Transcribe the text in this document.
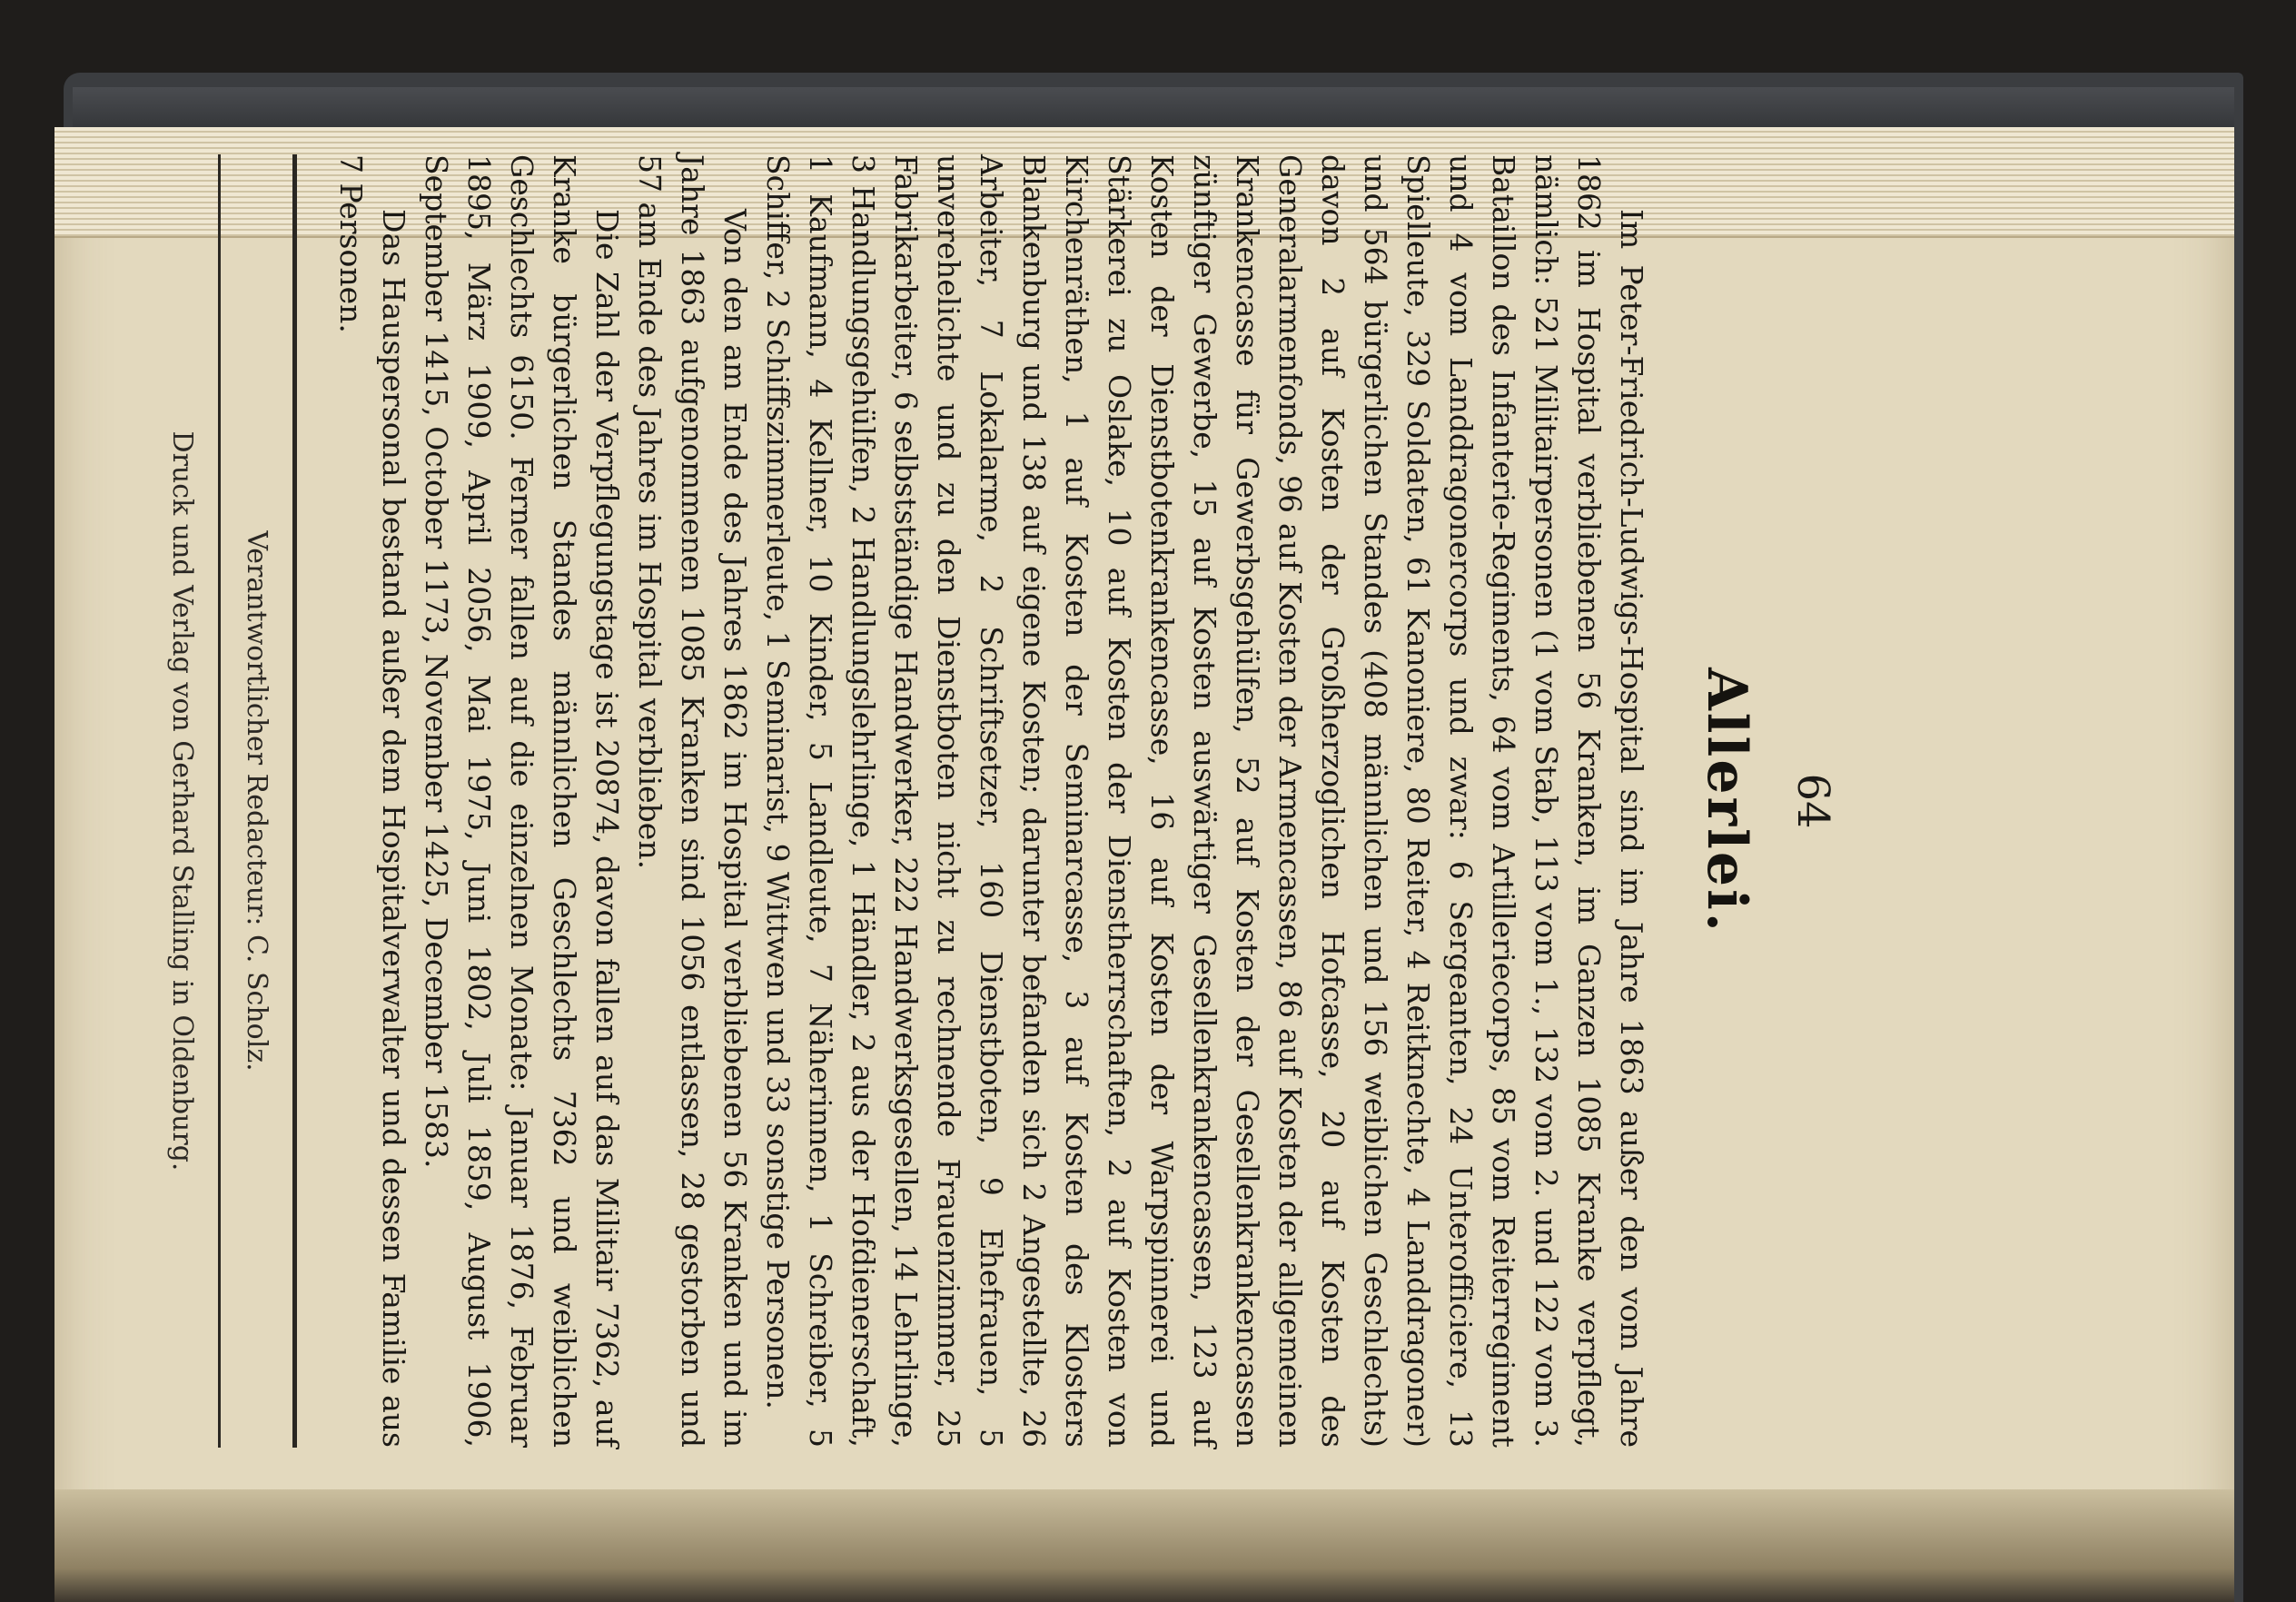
64
Allerlei.

Im Peter-Friedrich-Ludwigs-Hospital sind im Jahre 1863 außer den vom Jahre 1862 im Hospital verbliebenen 56 Kranken, im Ganzen 1085 Kranke verpflegt, nämlich: 521 Militairpersonen (1 vom Stab, 113 vom 1., 132 vom 2. und 122 vom 3. Bataillon des Infanterie-Regiments, 64 vom Artilleriecorps, 85 vom Reiterregiment und 4 vom Landdragonercorps und zwar: 6 Sergeanten, 24 Unterofficiere, 13 Spielleute, 329 Soldaten, 61 Kanoniere, 80 Reiter, 4 Reitknechte, 4 Landdragoner) und 564 bürgerlichen Standes (408 männlichen und 156 weiblichen Geschlechts) davon 2 auf Kosten der Großherzoglichen Hofcasse, 20 auf Kosten des Generalarmenfonds, 96 auf Kosten der Armencassen, 86 auf Kosten der allgemeinen Krankencasse für Gewerbsgehülfen, 52 auf Kosten der Gesellenkrankencassen zünftiger Gewerbe, 15 auf Kosten auswärtiger Gesellenkrankencassen, 123 auf Kosten der Dienstbotenkrankencasse, 16 auf Kosten der Warpspinnerei und Stärkerei zu Oslake, 10 auf Kosten der Dienstherrschaften, 2 auf Kosten von Kirchenräthen, 1 auf Kosten der Seminarcasse, 3 auf Kosten des Klosters Blankenburg und 138 auf eigene Kosten; darunter befanden sich 2 Angestellte, 26 Arbeiter, 7 Lokalarme, 2 Schriftsetzer, 160 Dienstboten, 9 Ehefrauen, 5 unverehelichte und zu den Dienstboten nicht zu rechnende Frauenzimmer, 25 Fabrikarbeiter, 6 selbstständige Handwerker, 222 Handwerksgesellen, 14 Lehrlinge, 3 Handlungsgehülfen, 2 Handlungslehrlinge, 1 Händler, 2 aus der Hofdienerschaft, 1 Kaufmann, 4 Kellner, 10 Kinder, 5 Landleute, 7 Näherinnen, 1 Schreiber, 5 Schiffer, 2 Schiffszimmerleute, 1 Seminarist, 9 Wittwen und 33 sonstige Personen.

Von den am Ende des Jahres 1862 im Hospital verbliebenen 56 Kranken und im Jahre 1863 aufgenommenen 1085 Kranken sind 1056 entlassen, 28 gestorben und 57 am Ende des Jahres im Hospital verblieben.

Die Zahl der Verpflegungstage ist 20874, davon fallen auf das Militair 7362, auf Kranke bürgerlichen Standes männlichen Geschlechts 7362 und weiblichen Geschlechts 6150. Ferner fallen auf die einzelnen Monate: Januar 1876, Februar 1895, März 1909, April 2056, Mai 1975, Juni 1802, Juli 1859, August 1906, September 1415, October 1173, November 1425, December 1583.

Das Hauspersonal bestand außer dem Hospitalverwalter und dessen Familie aus 7 Personen.

Verantwortlicher Redacteur: C. Scholz.
Druck und Verlag von Gerhard Stalling in Oldenburg.
